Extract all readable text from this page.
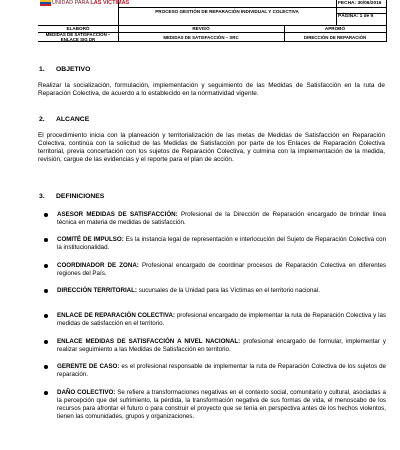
UNIDAD PARA LAS VÍCTIMAS
PROCESO GESTIÓN DE REPARACIÓN INDIVIDUAL Y COLECTIVA
FECHA: 30/06/2016
PÁGINA: 1 de 9
ELABORÓ	REVISÓ	APROBÓ
MEDIDAS DE SATISFACCIÓN – ENLACE SIG DR	MEDIDAS DE SATISFACCIÓN – SRC	DIRECCIÓN DE REPARACIÓN
1. OBJETIVO
Realizar la socialización, formulación, implementación y seguimiento de las Medidas de Satisfacción en la ruta de Reparación Colectiva, de acuerdo a lo establecido en la normatividad vigente.
2. ALCANCE
El procedimiento inicia con la planeación y territorialización de las metas de Medidas de Satisfacción en Reparación Colectiva, continúa con la solicitud de las Medidas de Satisfacción por parte de los Enlaces de Reparación Colectiva territorial, previa concertación con los sujetos de Reparación Colectiva, y culmina con la implementación de la medida, revisión, cargue de las evidencias y el reporte para el plan de acción.
3. DEFINICIONES
ASESOR MEDIDAS DE SATISFACCIÓN: Profesional de la Dirección de Reparación encargado de brindar línea técnica en materia de medidas de satisfacción.
COMITÉ DE IMPULSO: Es la instancia legal de representación e interlocución del Sujeto de Reparación Colectiva con la institucionalidad.
COORDINADOR DE ZONA: Profesional encargado de coordinar procesos de Reparación Colectiva en diferentes regiones del País.
DIRECCIÓN TERRITORIAL: sucursales de la Unidad para las Víctimas en el territorio nacional.
ENLACE DE REPARACIÓN COLECTIVA: profesional encargado de implementar la ruta de Reparación Colectiva y las medidas de satisfacción en el territorio.
ENLACE MEDIDAS DE SATISFACCIÓN A NIVEL NACIONAL: profesional encargado de formular, implementar y realizar seguimiento a las Medidas de Satisfacción en territorio.
GERENTE DE CASO: es el profesional responsable de implementar la ruta de Reparación Colectiva de los sujetos de reparación.
DAÑO COLECTIVO: Se refiere a transformaciones negativas en el contexto social, comunitario y cultural, asociadas a la percepción que del sufrimiento, la pérdida, la transformación negativa de sus formas de vida, el menoscabo de los recursos para afrontar el futuro o para construir el proyecto que se tenía en perspectiva antes de los hechos violentos, tienen las comunidades, grupos y organizaciones.
